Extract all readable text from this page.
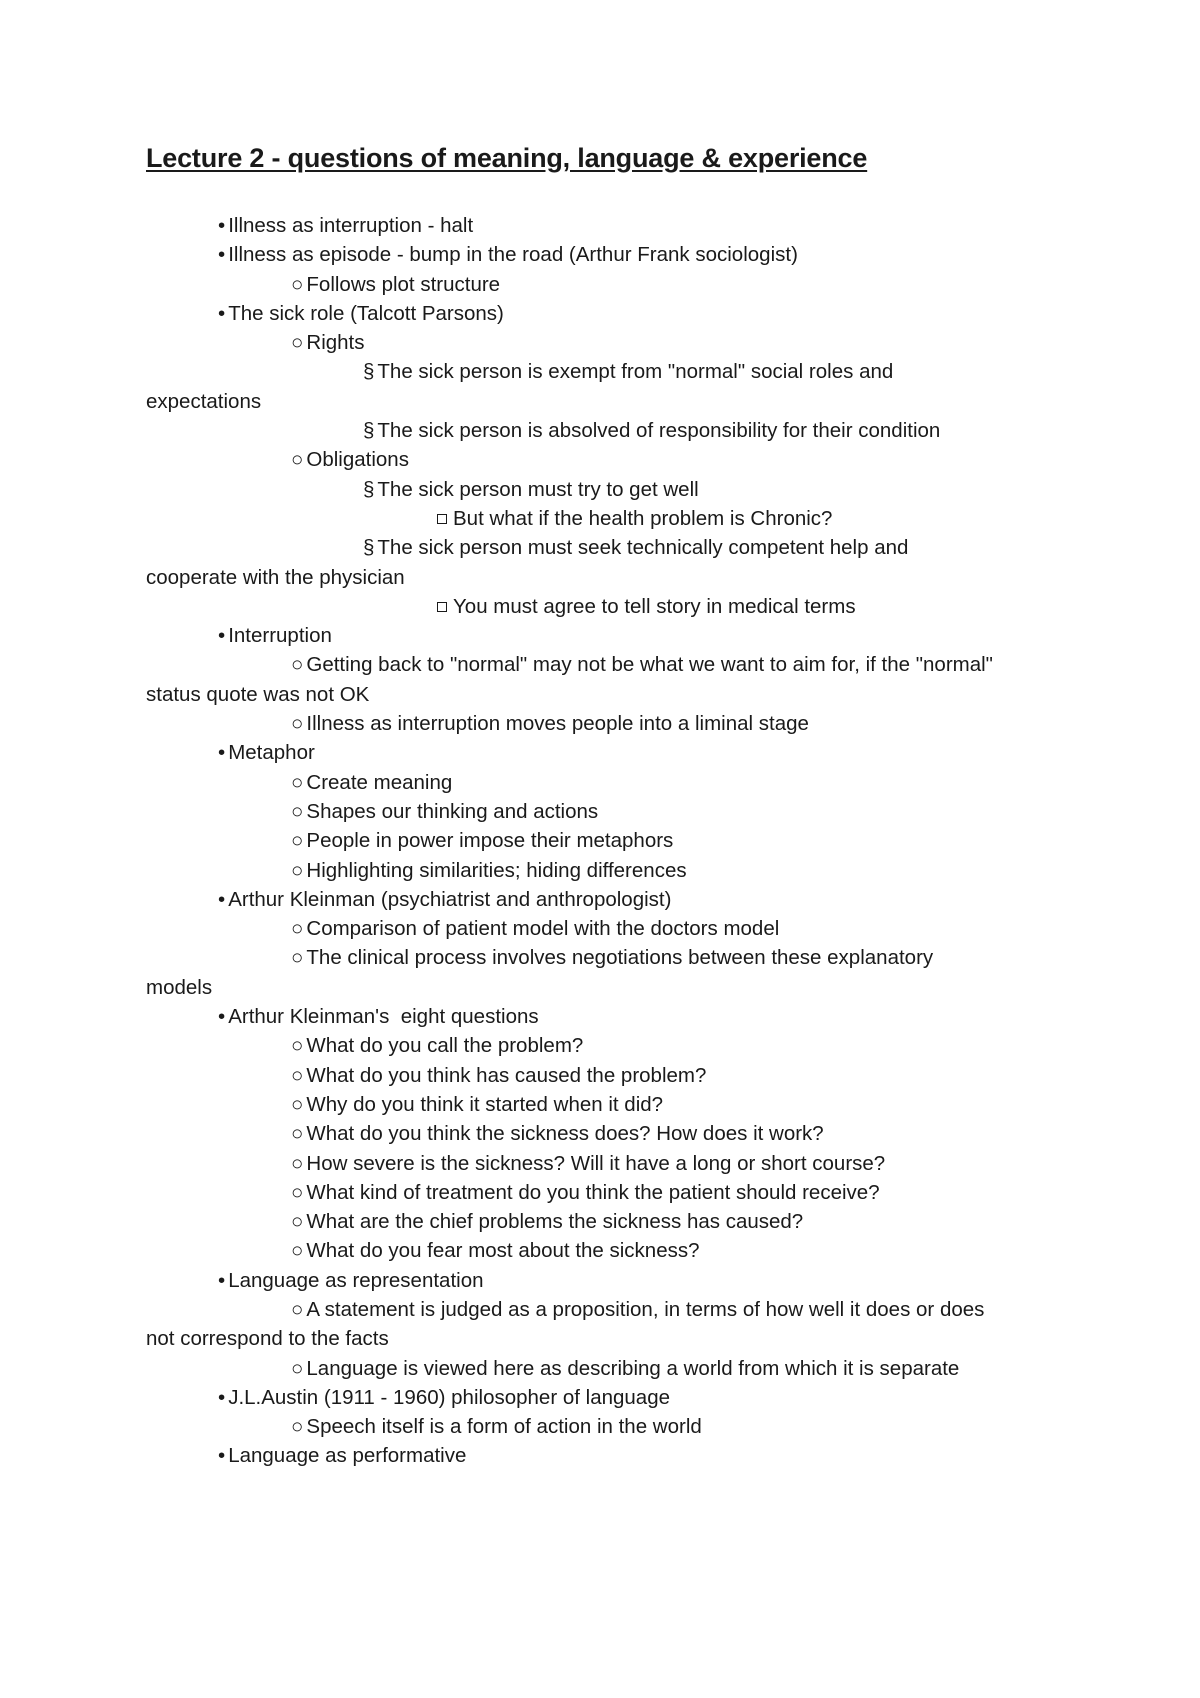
Lecture 2 - questions of meaning, language & experience
• Illness as interruption - halt
• Illness as episode - bump in the road (Arthur Frank sociologist)
○ Follows plot structure
• The sick role (Talcott Parsons)
○ Rights
§ The sick person is exempt from "normal" social roles and
expectations
§ The sick person is absolved of responsibility for their condition
○ Obligations
§ The sick person must try to get well
But what if the health problem is Chronic?
§ The sick person must seek technically competent help and
cooperate with the physician
You must agree to tell story in medical terms
• Interruption
○ Getting back to "normal" may not be what we want to aim for, if the "normal"
status quote was not OK
○ Illness as interruption moves people into a liminal stage
• Metaphor
○ Create meaning
○ Shapes our thinking and actions
○ People in power impose their metaphors
○ Highlighting similarities; hiding differences
• Arthur Kleinman (psychiatrist and anthropologist)
○ Comparison of patient model with the doctors model
○ The clinical process involves negotiations between these explanatory
models
• Arthur Kleinman's  eight questions
○ What do you call the problem?
○ What do you think has caused the problem?
○ Why do you think it started when it did?
○ What do you think the sickness does? How does it work?
○ How severe is the sickness? Will it have a long or short course?
○ What kind of treatment do you think the patient should receive?
○ What are the chief problems the sickness has caused?
○ What do you fear most about the sickness?
• Language as representation
○ A statement is judged as a proposition, in terms of how well it does or does
not correspond to the facts
○ Language is viewed here as describing a world from which it is separate
• J.L.Austin (1911 - 1960) philosopher of language
○ Speech itself is a form of action in the world
• Language as performative
